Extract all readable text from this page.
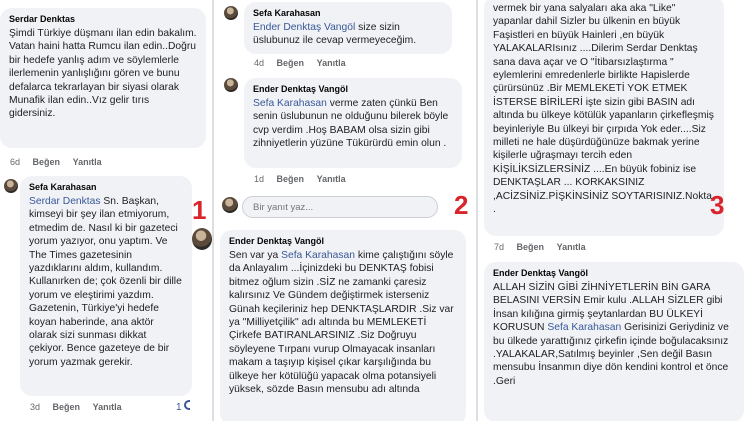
Serdar Denktas
Şimdi Türkiye düşmanı ilan edin bakalım. Vatan haini hatta Rumcu ilan edin..Doğru bir hedefe yanlış adım ve söylemlerle ilerlemenin yanlışlığını gören ve bunu defalarca tekrarlayan bir siyasi olarak Munafik ilan edin..Vız gelir tırıs gidersiniz.
6d Beğen Yanıtla
Sefa Karahasan
Serdar Denktas Sn. Başkan, kimseyi bir şey ilan etmiyorum, etmedim de. Nasıl ki bir gazeteci yorum yazıyor, onu yaptım. Ve The Times gazetesinin yazdıklarını aldım, kullandım. Kullanırken de; çok özenli bir dille yorum ve eleştirimi yazdım. Gazetenin, Türkiye'yi hedefe koyan haberinde, ana aktör olarak sizi sunması dikkat çekiyor. Bence gazeteye de bir yorum yazmak gerekir.
3d Beğen Yanıtla	1
1
Sefa Karahasan
Ender Denktaş Vangöl size sizin üslubunuz ile cevap vermeyeceğim.
4d Beğen Yanıtla
Ender Denktaş Vangöl
Sefa Karahasan verme zaten çünkü Ben senin üslubunun ne olduğunu bilerek böyle cvp verdim .Hoş BABAM olsa sizin gibi zihniyetlerin yüzüne Tükürürdü emin olun .
1d Beğen Yanıtla
Bir yanıt yaz...
2
Ender Denktaş Vangöl
Sen var ya Sefa Karahasan kime çalıştığını söyle da Anlayalım ...İçinizdeki bu DENKTAŞ fobisi bitmez oğlum sizin .SİZ ne zamanki çaresiz kalırsınız Ve Gündem değiştirmek isterseniz Günah keçileriniz hep DENKTAŞLARDIR .Siz var ya "Milliyetçilik" adı altında bu MEMLEKETİ Çirkefe BATIRANLARSINIZ .Siz Doğruyu söyleyene Tırpanı vurup Olmayacak insanları makam a taşıyıp kişisel çıkar karşılığında bu ülkeye her kötülüğü yapacak olma potansiyeli yüksek, sözde Basın mensubu adı altında
vermek bir yana salyaları aka aka "Like" yapanlar dahil Sizler bu ülkenin en büyük Faşistleri en büyük Hainleri ,en büyük YALAKALARIsınız ....Dilerim Serdar Denktaş sana dava açar ve O "İtibarsızlaştırma " eylemlerini emredenlerle birlikte Hapislerde çürürsünüz .Bir MEMLEKETİ YOK ETMEK İSTERSE BİRİLERİ işte sizin gibi BASIN adı altında bu ülkeye kötülük yapanların çirkefleşmiş beyinleriyle Bu ülkeyi bir çırpıda Yok eder....Siz milleti ne hale düşürdüğünüze bakmak yerine kişilerle uğraşmayı tercih eden KİŞİLİKSİZLERSİNİZ ....En büyük fobiniz ise DENKTAŞLAR ... KORKAKSINIZ ,ACİZSİNİZ.PİŞKİNSİNİZ SOYTARISINIZ.Nokta .
7d Beğen Yanıtla
3
Ender Denktaş Vangöl
ALLAH SİZİN GİBİ ZİHNİYETLERİN BİN GARA BELASINI VERSİN Emir kulu .ALLAH SİZLER gibi İnsan kılığına girmiş şeytanlardan BU ÜLKEYİ KORUSUN Sefa Karahasan Gerisinizi Geriydiniz ve bu ülkede yarattığınız çirkefin içinde boğulacaksınız .YALAKALAR,Satılmış beyinler ,Sen değil Basın mensubu İnsanmın diye dön kendini kontrol et önce .Geri
